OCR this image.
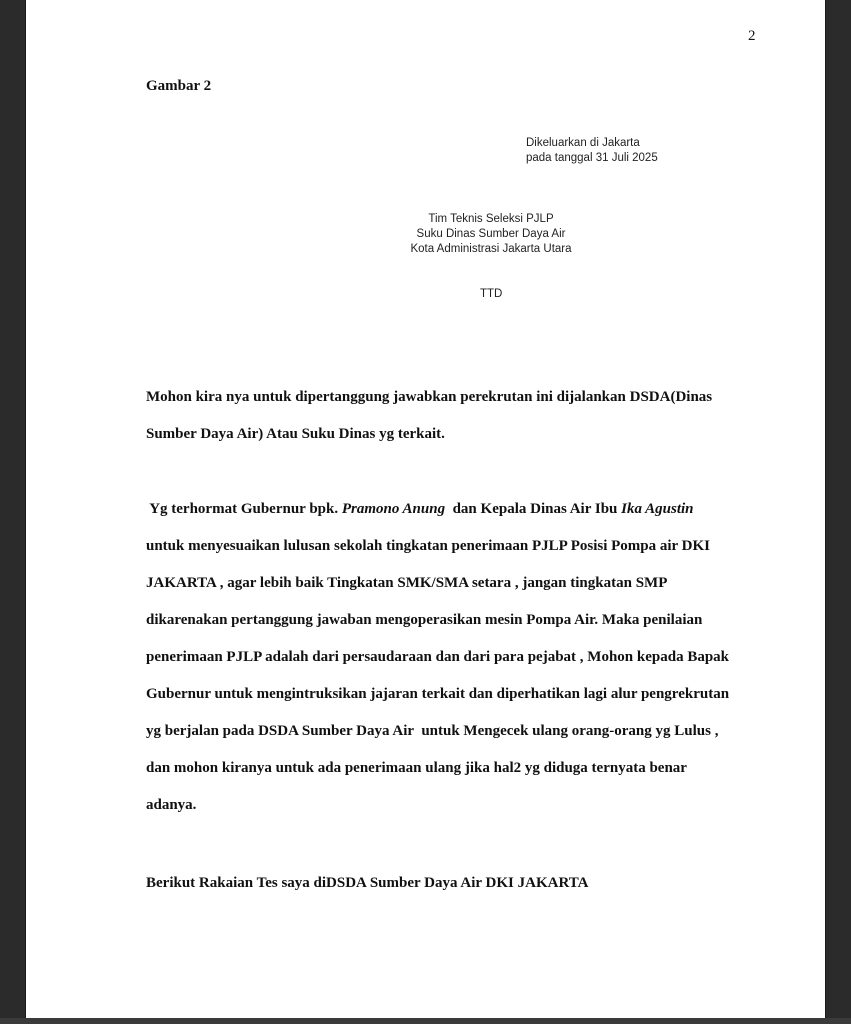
2
Gambar 2
Dikeluarkan di Jakarta
pada tanggal 31 Juli 2025
Tim Teknis Seleksi PJLP
Suku Dinas Sumber Daya Air
Kota Administrasi Jakarta Utara
TTD

Mohon kira nya untuk dipertanggung jawabkan perekrutan ini dijalankan DSDA(Dinas
Sumber Daya Air) Atau Suku Dinas yg terkait.

Yg terhormat Gubernur bpk. Pramono Anung  dan Kepala Dinas Air Ibu Ika Agustin
untuk menyesuaikan lulusan sekolah tingkatan penerimaan PJLP Posisi Pompa air DKI
JAKARTA , agar lebih baik Tingkatan SMK/SMA setara , jangan tingkatan SMP
dikarenakan pertanggung jawaban mengoperasikan mesin Pompa Air. Maka penilaian
penerimaan PJLP adalah dari persaudaraan dan dari para pejabat , Mohon kepada Bapak
Gubernur untuk mengintruksikan jajaran terkait dan diperhatikan lagi alur pengrekrutan
yg berjalan pada DSDA Sumber Daya Air  untuk Mengecek ulang orang-orang yg Lulus ,
dan mohon kiranya untuk ada penerimaan ulang jika hal2 yg diduga ternyata benar
adanya.

Berikut Rakaian Tes saya diDSDA Sumber Daya Air DKI JAKARTA
